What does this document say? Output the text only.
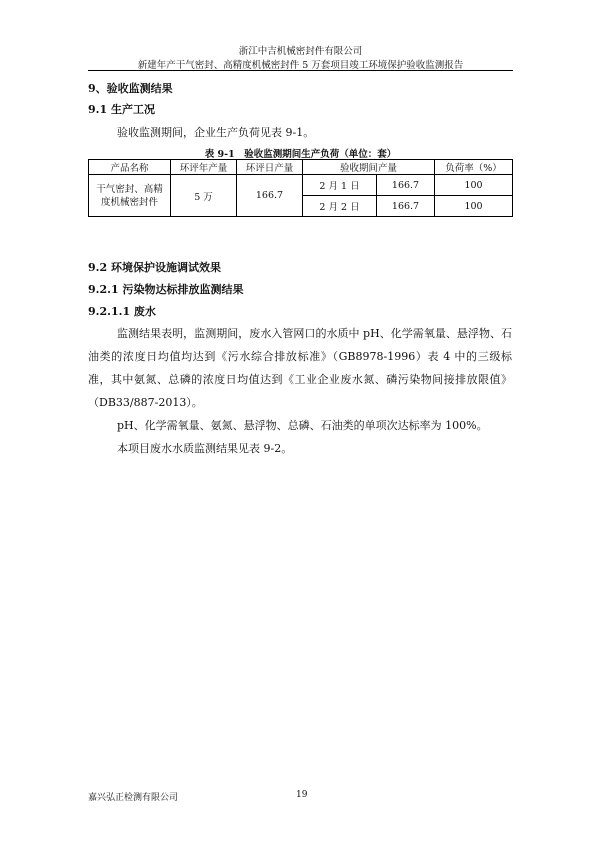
浙江中吉机械密封件有限公司
新建年产干气密封、高精度机械密封件 5 万套项目竣工环境保护验收监测报告
9、验收监测结果
9.1 生产工况
验收监测期间，企业生产负荷见表 9-1。
表 9-1　验收监测期间生产负荷（单位：套）
产品名称	环评年产量	环评日产量	验收期间产量		负荷率（%）
干气密封、高精度机械密封件	5 万	166.7	2 月 1 日	166.7	100
			2 月 2 日	166.7	100
9.2 环境保护设施调试效果
9.2.1 污染物达标排放监测结果
9.2.1.1 废水
监测结果表明，监测期间，废水入管网口的水质中 pH、化学需氧量、悬浮物、石油类的浓度日均值均达到《污水综合排放标准》（GB8978-1996）表 4 中的三级标准，其中氨氮、总磷的浓度日均值达到《工业企业废水氮、磷污染物间接排放限值》（DB33/887-2013）。
pH、化学需氧量、氨氮、悬浮物、总磷、石油类的单项次达标率为 100%。
本项目废水水质监测结果见表 9-2。
嘉兴弘正检测有限公司	19
